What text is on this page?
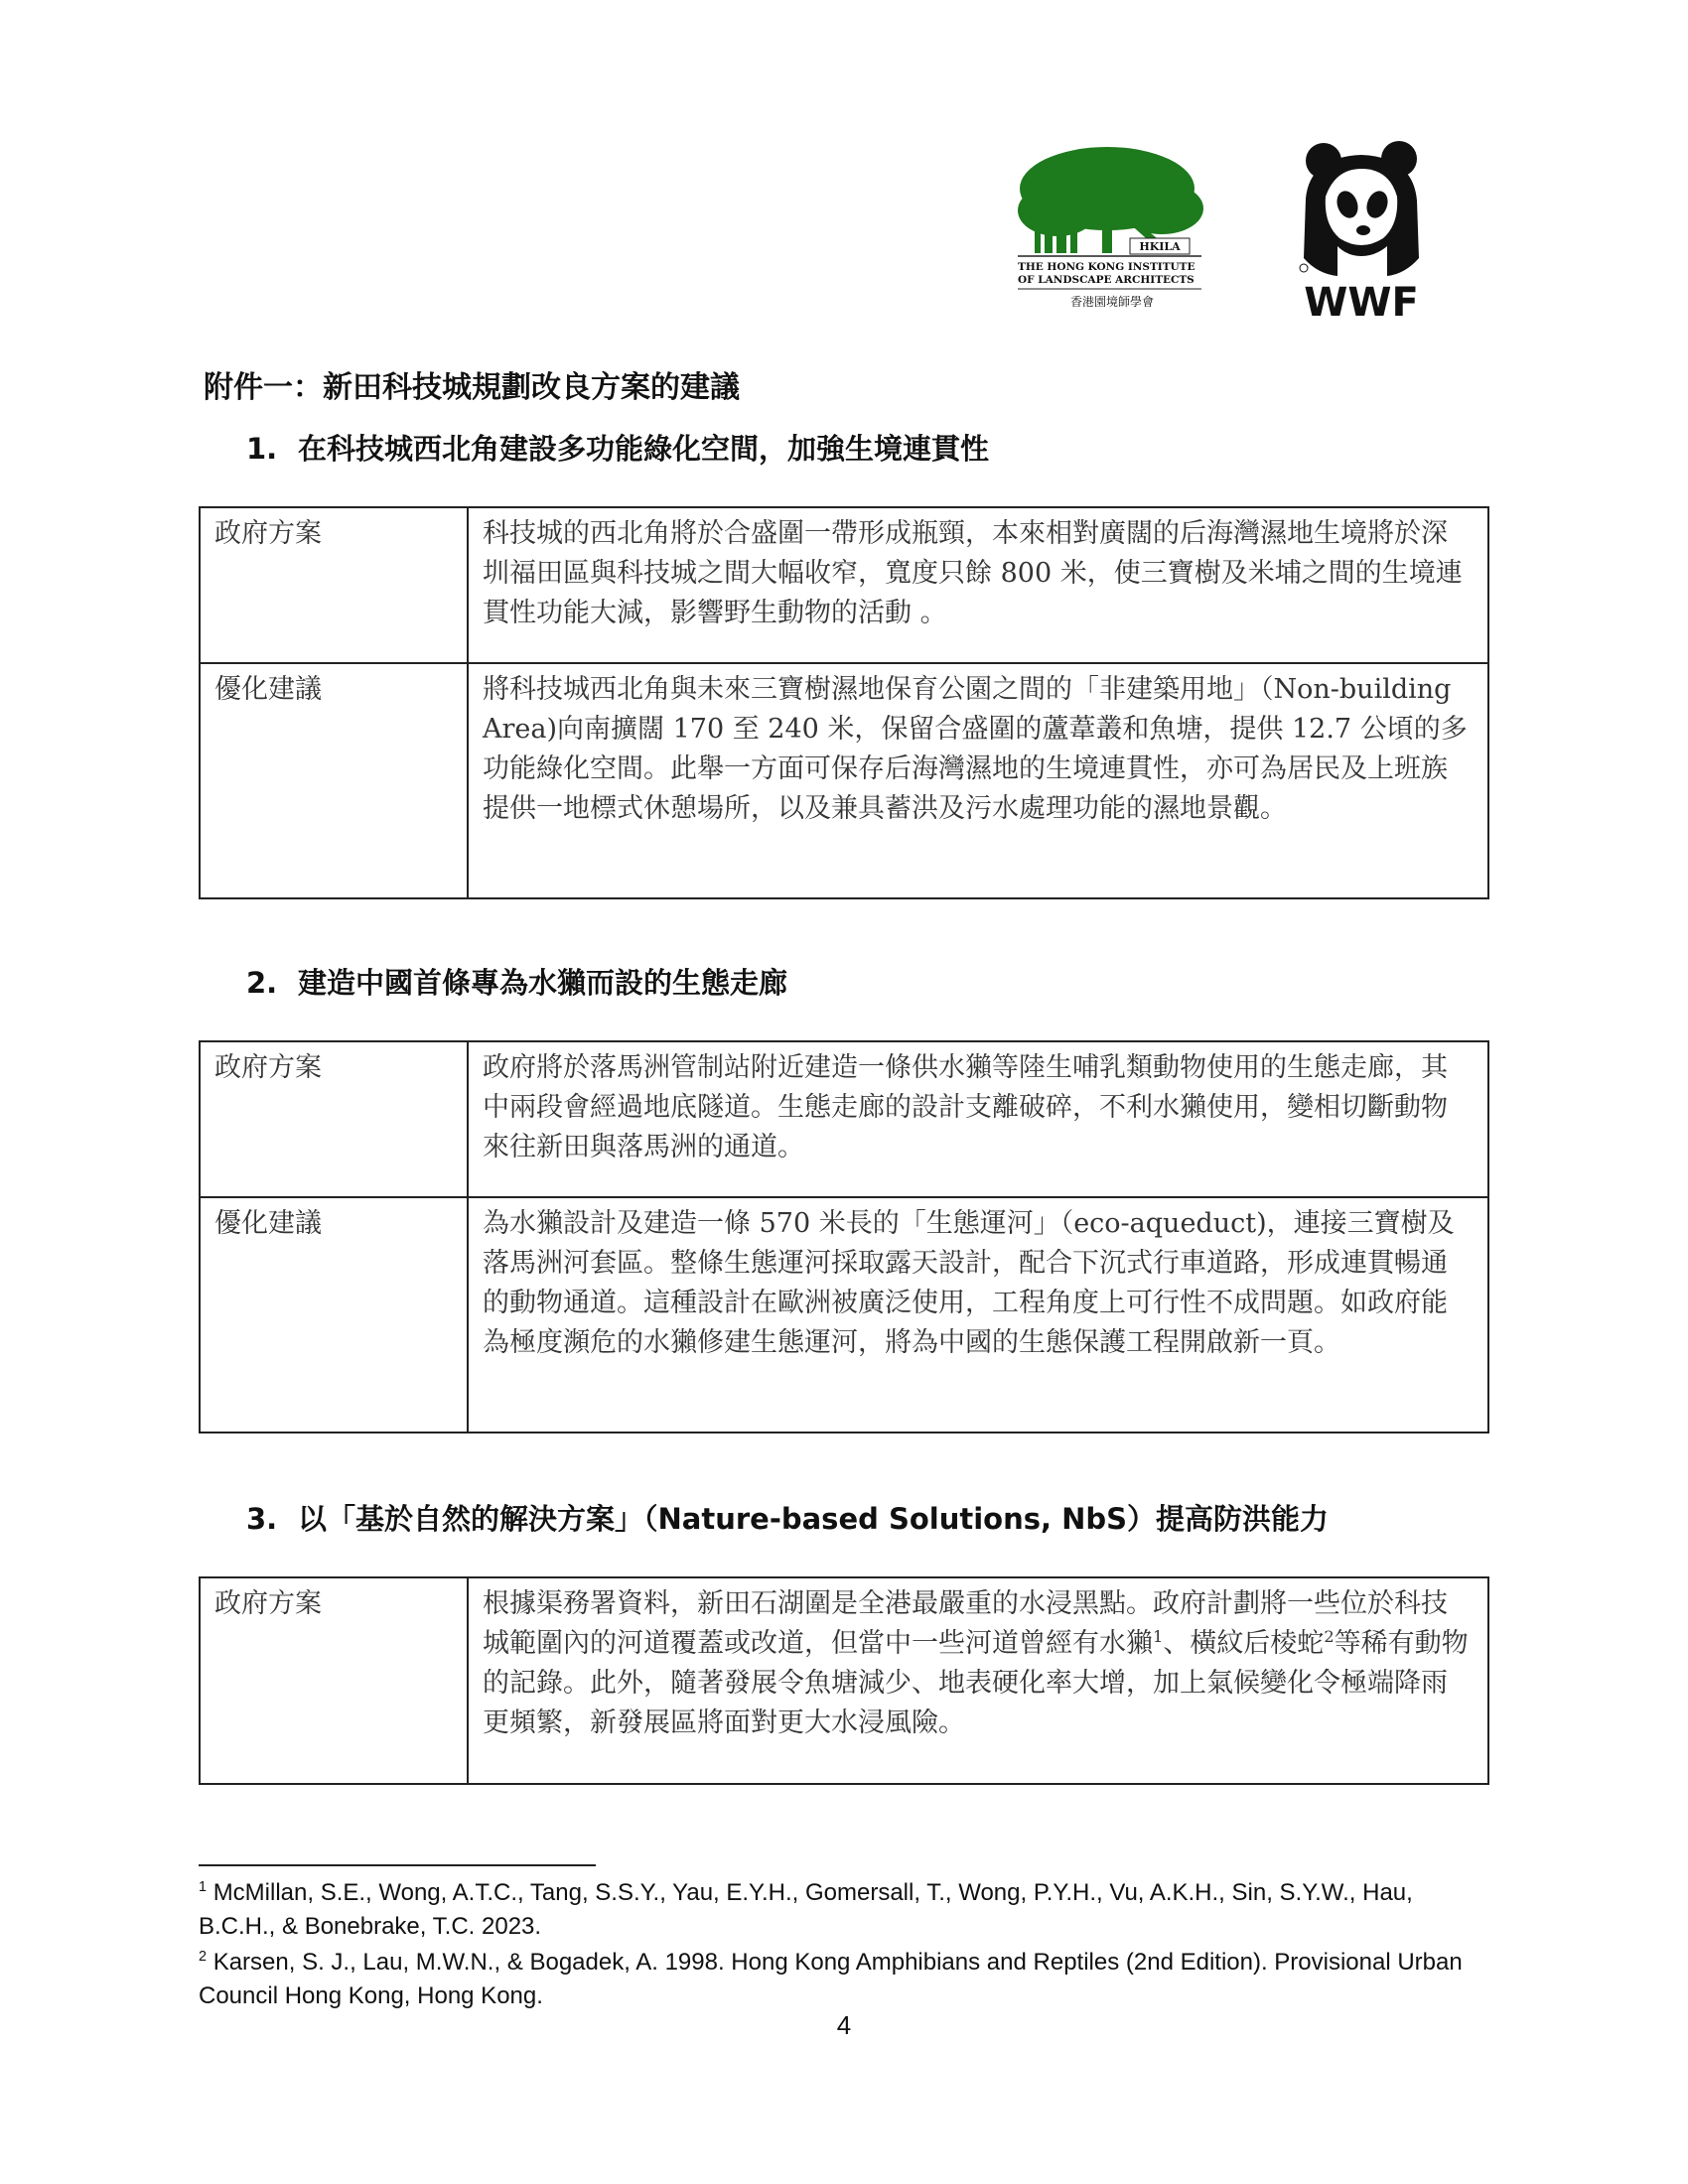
HKILA
THE HONG KONG INSTITUTE
OF LANDSCAPE ARCHITECTS
香港園境師學會	WWF
附件一：新田科技城規劃改良方案的建議
1. 在科技城西北角建設多功能綠化空間，加強生境連貫性
政府方案	科技城的西北角將於合盛圍一帶形成瓶頸，本來相對廣闊的后海灣濕地生境將於深圳福田區與科技城之間大幅收窄，寬度只餘 800 米，使三寶樹及米埔之間的生境連貫性功能大減，影響野生動物的活動 。
優化建議	將科技城西北角與未來三寶樹濕地保育公園之間的「非建築用地」（Non-building Area)向南擴闊 170 至 240 米，保留合盛圍的蘆葦叢和魚塘，提供 12.7 公頃的多功能綠化空間。此舉一方面可保存后海灣濕地的生境連貫性，亦可為居民及上班族提供一地標式休憩場所，以及兼具蓄洪及污水處理功能的濕地景觀。
2. 建造中國首條專為水獺而設的生態走廊
政府方案	政府將於落馬洲管制站附近建造一條供水獺等陸生哺乳類動物使用的生態走廊，其中兩段會經過地底隧道。生態走廊的設計支離破碎，不利水獺使用，變相切斷動物來往新田與落馬洲的通道。
優化建議	為水獺設計及建造一條 570 米長的「生態運河」（eco-aqueduct)，連接三寶樹及落馬洲河套區。整條生態運河採取露天設計，配合下沉式行車道路，形成連貫暢通的動物通道。這種設計在歐洲被廣泛使用，工程角度上可行性不成問題。如政府能為極度瀕危的水獺修建生態運河，將為中國的生態保護工程開啟新一頁。
3. 以「基於自然的解決方案」（Nature-based Solutions, NbS）提高防洪能力
政府方案	根據渠務署資料，新田石湖圍是全港最嚴重的水浸黑點。政府計劃將一些位於科技城範圍內的河道覆蓋或改道，但當中一些河道曾經有水獺$^1$、橫紋后棱蛇$^2$等稀有動物的記錄。此外，隨著發展令魚塘減少、地表硬化率大增，加上氣候變化令極端降雨更頻繁，新發展區將面對更大水浸風險。

$^1$ McMillan, S.E., Wong, A.T.C., Tang, S.S.Y., Yau, E.Y.H., Gomersall, T., Wong, P.Y.H., Vu, A.K.H., Sin, S.Y.W., Hau, B.C.H., & Bonebrake, T.C. 2023.

$^2$ Karsen, S. J., Lau, M.W.N., & Bogadek, A. 1998. Hong Kong Amphibians and Reptiles (2nd Edition). Provisional Urban Council Hong Kong, Hong Kong.

4
